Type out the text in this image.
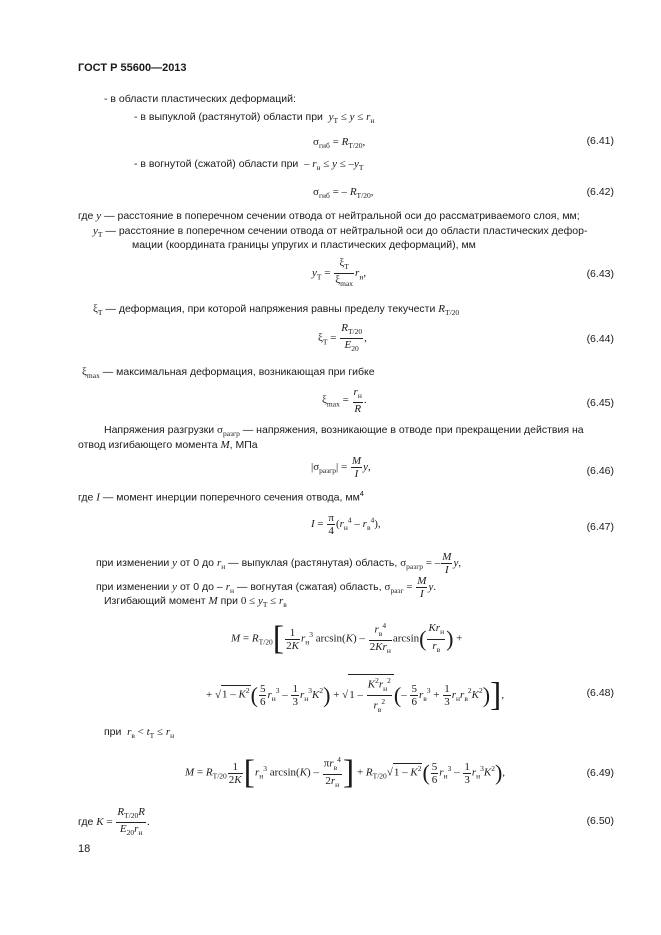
ГОСТ Р 55600—2013
- в области пластических деформаций:
- в выпуклой (растянутой) области при $y_Т \le y \le r_н$
$\sigma_{гиб} = R_{Т/20}$,	(6.41)
- в вогнутой (сжатой) области при  – $r_н \le y \le -y_Т$
$\sigma_{гиб}$ = – $R_{Т/20}$,	(6.42)
где y — расстояние в поперечном сечении отвода от нейтральной оси до рассматриваемого слоя, мм;
$y_Т$ — расстояние в поперечном сечении отвода от нейтральной оси до области пластических дефор-
мации (координата границы упругих и пластических деформаций), мм
$y_Т = \frac{\xi_Т}{\xi_{max}} r_н$,	(6.43)
$\xi_Т$ — деформация, при которой напряжения равны пределу текучести $R_{Т/20}$
$\xi_Т = \frac{R_{Т/20}}{E_{20}}$ ,	(6.44)
$\xi_{max}$ — максимальная деформация, возникающая при гибке
$\xi_{max} = \frac{r_н}{R}$ .	(6.45)
Напряжения разгрузки $\sigma_{разгр}$ — напряжения, возникающие в отводе при прекращении действия на
отвод изгибающего момента M, МПа
$|\sigma_{разгр}| = \frac{M}{I} y$,	(6.46)
где I — момент инерции поперечного сечения отвода, $мм^4$
$I = \frac{\pi}{4} (r_н^4 - r_в^4)$,	(6.47)
при изменении y от 0 до $r_н$ — выпуклая (растянутая) область, $\sigma_{разгр}$ = – $\frac{M}{I} y$,
при изменении y от 0 до – $r_н$ — вогнутая (сжатая) область, $\sigma_{разг} = \frac{M}{I} y$.
Изгибающий момент M при $0 \le y_Т \le r_в$
$M = R_{Т/20}[ \frac{1}{2K} r_н^3$ $\arcsin(K) - \frac{r_в^4}{2Kr_н} \arcsin( \frac{Kr_н}{r_в}$ ) +
+ $√1 - K^2( \frac{5}{6} r_н^3 - \frac{1}{3} r_н^3K^2) + √1 - \frac{K^2r_н^2}{r_в^2}$ (– $\frac{5}{6} r_в^3 + \frac{1}{3} r_нr_в^2K^2$)],	(6.48)
при $r_в < t_Т \le r_н$
$M = R_{Т/20} \frac{1}{2K} [r_н^3$ $\arcsin(K) - \frac{\pi r_в^4}{2r_н}$ ] + $R_{Т/20}√1 - K^2( \frac{5}{6} r_н^3 - \frac{1}{3} r_н^3K^2)$,	(6.49)
где $K = \frac{R_{Т/20}R}{E_{20}r_н}$ .	(6.50)
18
